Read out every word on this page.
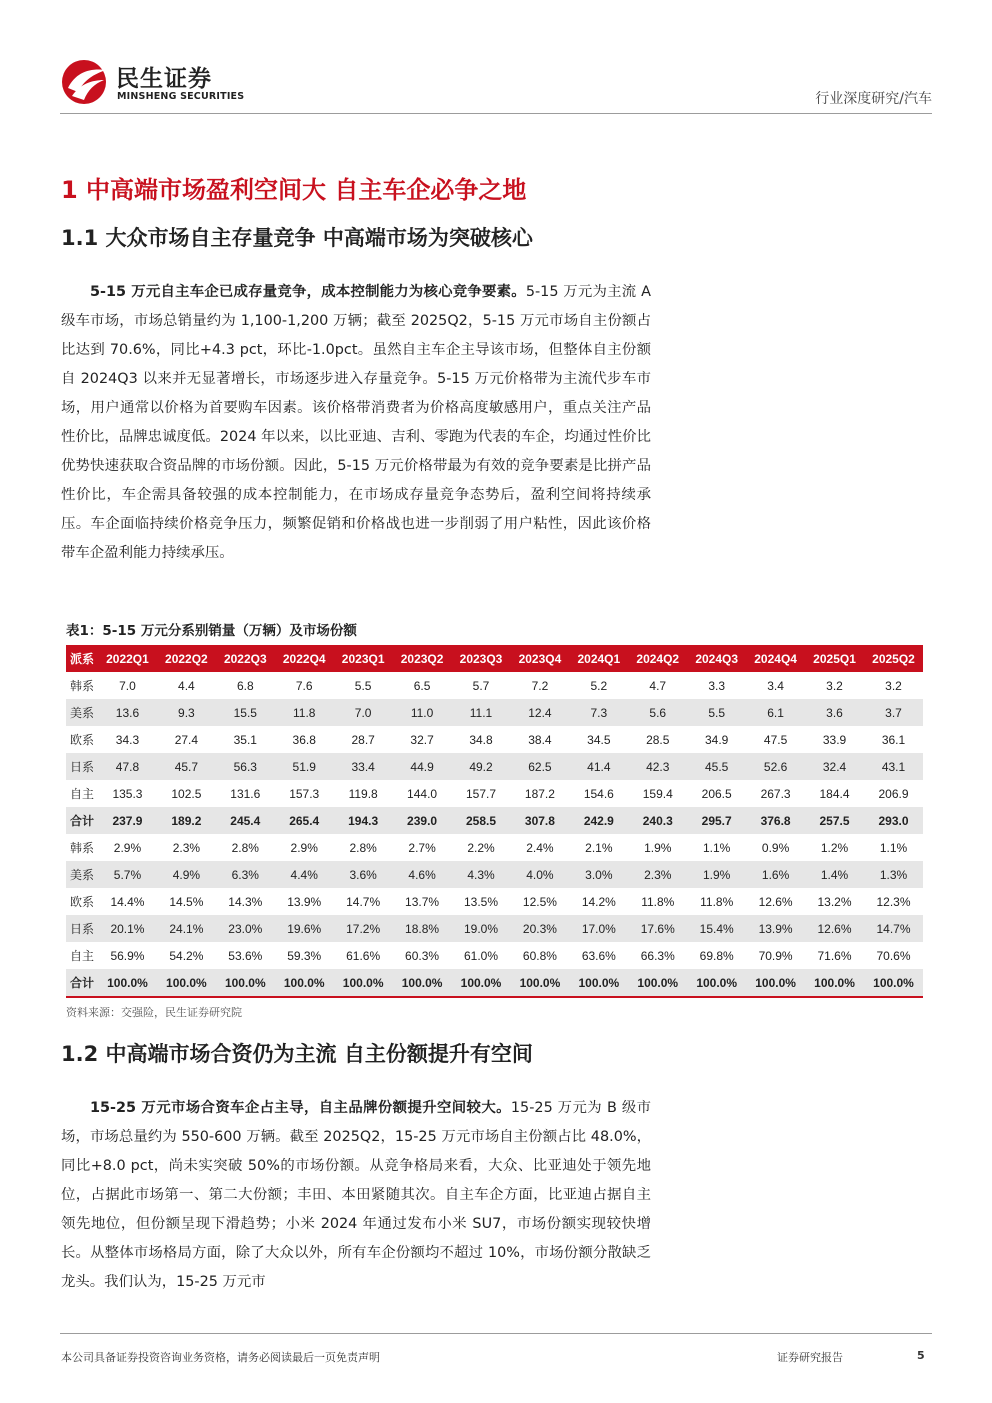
民生证券
MINSHENG SECURITIES	行业深度研究/汽车
1 中高端市场盈利空间大 自主车企必争之地
1.1 大众市场自主存量竞争 中高端市场为突破核心

5-15 万元自主车企已成存量竞争，成本控制能力为核心竞争要素。5-15 万元为主流 A 级车市场，市场总销量约为 1,100-1,200 万辆；截至 2025Q2，5-15 万元市场自主份额占比达到 70.6%，同比+4.3 pct，环比-1.0pct。虽然自主车企主导该市场，但整体自主份额自 2024Q3 以来并无显著增长，市场逐步进入存量竞争。5-15 万元价格带为主流代步车市场，用户通常以价格为首要购车因素。该价格带消费者为价格高度敏感用户，重点关注产品性价比，品牌忠诚度低。2024 年以来，以比亚迪、吉利、零跑为代表的车企，均通过性价比优势快速获取合资品牌的市场份额。因此，5-15 万元价格带最为有效的竞争要素是比拼产品性价比，车企需具备较强的成本控制能力，在市场成存量竞争态势后，盈利空间将持续承压。车企面临持续价格竞争压力，频繁促销和价格战也进一步削弱了用户粘性，因此该价格带车企盈利能力持续承压。

表1：5-15 万元分系别销量（万辆）及市场份额
派系	2022Q1	2022Q2	2022Q3	2022Q4	2023Q1	2023Q2	2023Q3	2023Q4	2024Q1	2024Q2	2024Q3	2024Q4	2025Q1	2025Q2
韩系	7.0	4.4	6.8	7.6	5.5	6.5	5.7	7.2	5.2	4.7	3.3	3.4	3.2	3.2
美系	13.6	9.3	15.5	11.8	7.0	11.0	11.1	12.4	7.3	5.6	5.5	6.1	3.6	3.7
欧系	34.3	27.4	35.1	36.8	28.7	32.7	34.8	38.4	34.5	28.5	34.9	47.5	33.9	36.1
日系	47.8	45.7	56.3	51.9	33.4	44.9	49.2	62.5	41.4	42.3	45.5	52.6	32.4	43.1
自主	135.3	102.5	131.6	157.3	119.8	144.0	157.7	187.2	154.6	159.4	206.5	267.3	184.4	206.9
合计	237.9	189.2	245.4	265.4	194.3	239.0	258.5	307.8	242.9	240.3	295.7	376.8	257.5	293.0
韩系	2.9%	2.3%	2.8%	2.9%	2.8%	2.7%	2.2%	2.4%	2.1%	1.9%	1.1%	0.9%	1.2%	1.1%
美系	5.7%	4.9%	6.3%	4.4%	3.6%	4.6%	4.3%	4.0%	3.0%	2.3%	1.9%	1.6%	1.4%	1.3%
欧系	14.4%	14.5%	14.3%	13.9%	14.7%	13.7%	13.5%	12.5%	14.2%	11.8%	11.8%	12.6%	13.2%	12.3%
日系	20.1%	24.1%	23.0%	19.6%	17.2%	18.8%	19.0%	20.3%	17.0%	17.6%	15.4%	13.9%	12.6%	14.7%
自主	56.9%	54.2%	53.6%	59.3%	61.6%	60.3%	61.0%	60.8%	63.6%	66.3%	69.8%	70.9%	71.6%	70.6%
合计	100.0%	100.0%	100.0%	100.0%	100.0%	100.0%	100.0%	100.0%	100.0%	100.0%	100.0%	100.0%	100.0%	100.0%
资料来源：交强险，民生证券研究院
1.2 中高端市场合资仍为主流 自主份额提升有空间

15-25 万元市场合资车企占主导，自主品牌份额提升空间较大。15-25 万元为 B 级市场，市场总量约为 550-600 万辆。截至 2025Q2，15-25 万元市场自主份额占比 48.0%，同比+8.0 pct，尚未实突破 50%的市场份额。从竞争格局来看，大众、比亚迪处于领先地位，占据此市场第一、第二大份额；丰田、本田紧随其次。自主车企方面，比亚迪占据自主领先地位，但份额呈现下滑趋势；小米 2024 年通过发布小米 SU7，市场份额实现较快增长。从整体市场格局方面，除了大众以外，所有车企份额均不超过 10%，市场份额分散缺乏龙头。我们认为，15-25 万元市

本公司具备证券投资咨询业务资格，请务必阅读最后一页免责声明	证券研究报告	5
